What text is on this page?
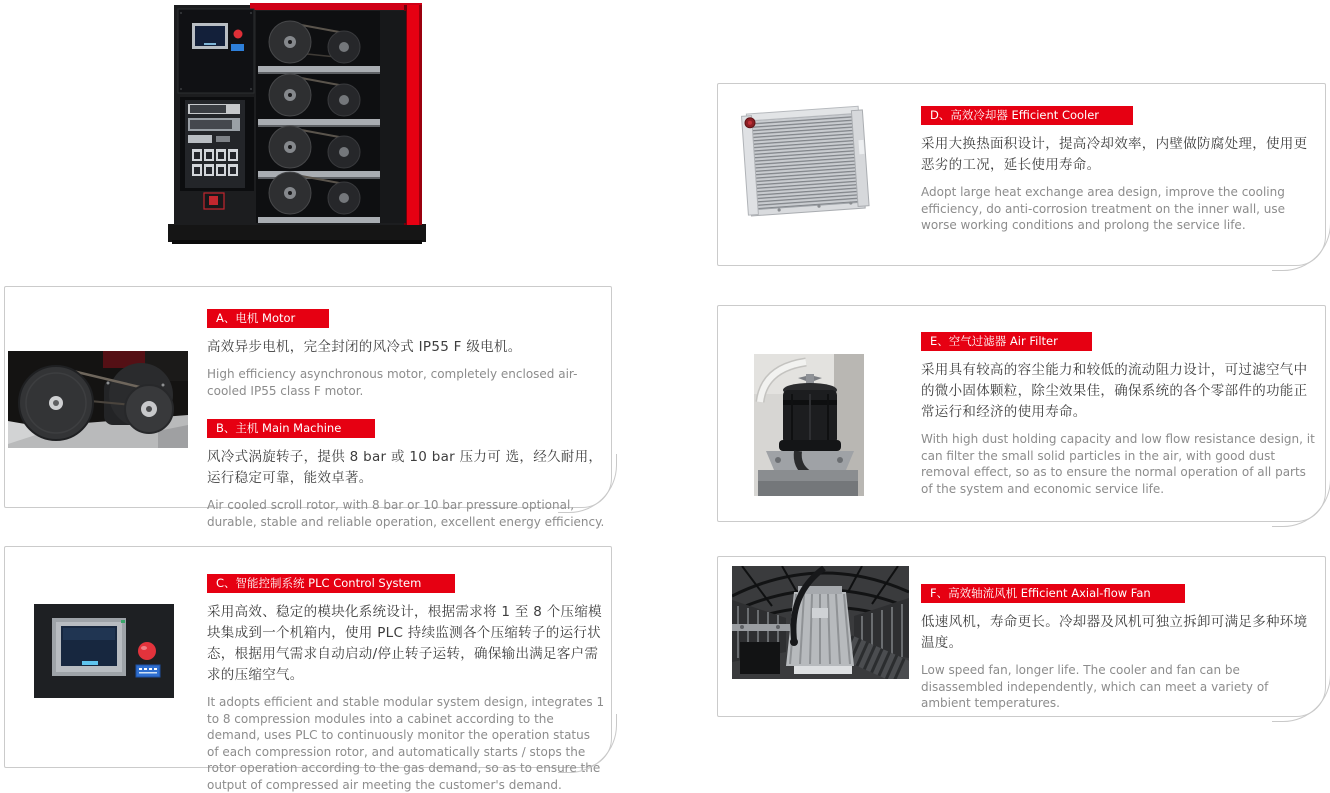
A、电机 Motor

高效异步电机，完全封闭的风冷式 IP55 F 级电机。

High efficiency asynchronous motor, completely enclosed air-cooled IP55 class F motor.

B、主机 Main Machine

风冷式涡旋转子，提供 8 bar 或 10 bar 压力可 选，经久耐用，运行稳定可靠，能效卓著。

Air cooled scroll rotor, with 8 bar or 10 bar pressure optional, durable, stable and reliable operation, excellent energy efficiency.

C、智能控制系统 PLC Control System

采用高效、稳定的模块化系统设计，根据需求将 1 至 8 个压缩模块集成到一个机箱内，使用 PLC 持续监测各个压缩转子的运行状态，根据用气需求自动启动/停止转子运转，确保输出满足客户需 求的压缩空气。

It adopts efficient and stable modular system design, integrates 1 to 8 compression modules into a cabinet according to the demand, uses PLC to continuously monitor the operation status of each compression rotor, and automatically starts / stops the rotor operation according to the gas demand, so as to ensure the output of compressed air meeting the customer's demand.

D、高效冷却器 Efficient Cooler

采用大换热面积设计，提高冷却效率，内壁做防腐处理，使用更恶劣的工况，延长使用寿命。

Adopt large heat exchange area design, improve the cooling efficiency, do anti-corrosion treatment on the inner wall, use worse working conditions and prolong the service life.

E、空气过滤器 Air Filter

采用具有较高的容尘能力和较低的流动阻力设计，可过滤空气中的微小固体颗粒，除尘效果佳，确保系统的各个零部件的功能正常运行和经济的使用寿命。

With high dust holding capacity and low flow resistance design, it can filter the small solid particles in the air, with good dust removal effect, so as to ensure the normal operation of all parts of the system and economic service life.

F、高效轴流风机 Efficient Axial-flow Fan

低速风机，寿命更长。冷却器及风机可独立拆卸可满足多种环境温度。

Low speed fan, longer life. The cooler and fan can be disassembled independently, which can meet a variety of ambient temperatures.
